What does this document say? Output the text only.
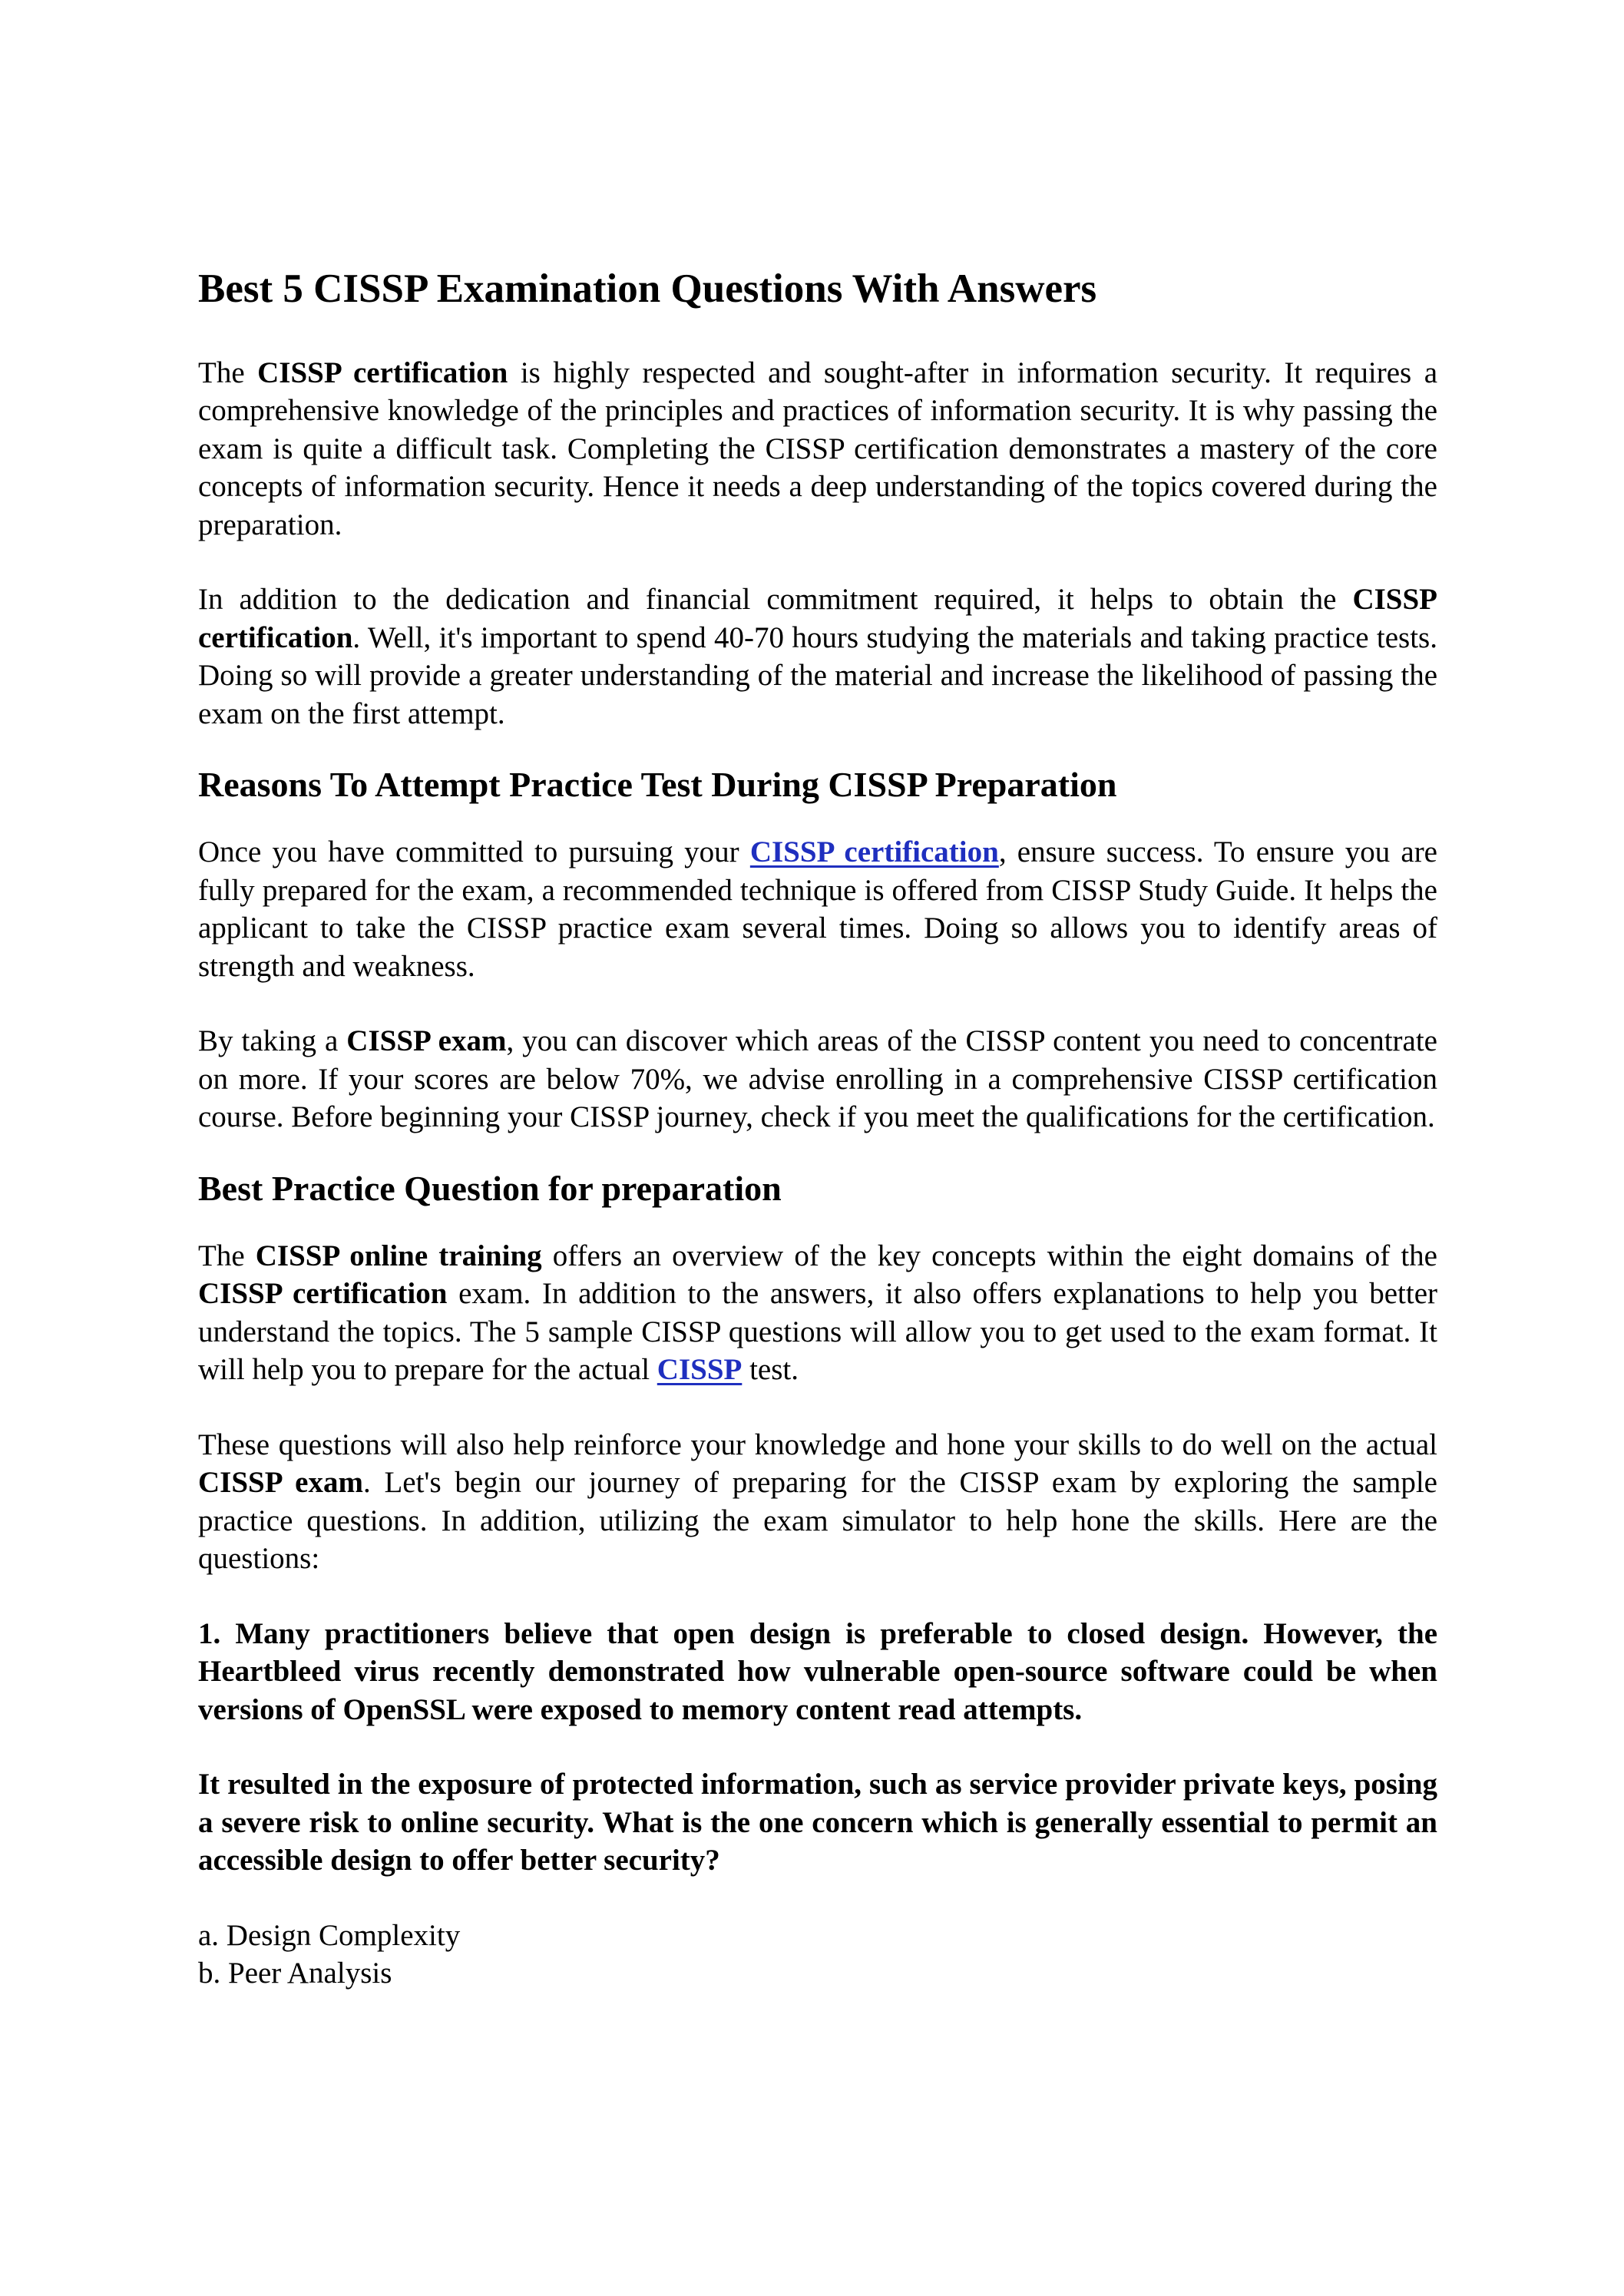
Best 5 CISSP Examination Questions With Answers

The CISSP certification is highly respected and sought-after in information security. It requires a comprehensive knowledge of the principles and practices of information security. It is why passing the exam is quite a difficult task. Completing the CISSP certification demonstrates a mastery of the core concepts of information security. Hence it needs a deep understanding of the topics covered during the preparation.

In addition to the dedication and financial commitment required, it helps to obtain the CISSP certification. Well, it's important to spend 40-70 hours studying the materials and taking practice tests. Doing so will provide a greater understanding of the material and increase the likelihood of passing the exam on the first attempt.

Reasons To Attempt Practice Test During CISSP Preparation

Once you have committed to pursuing your CISSP certification, ensure success. To ensure you are fully prepared for the exam, a recommended technique is offered from CISSP Study Guide. It helps the applicant to take the CISSP practice exam several times. Doing so allows you to identify areas of strength and weakness.

By taking a CISSP exam, you can discover which areas of the CISSP content you need to concentrate on more. If your scores are below 70%, we advise enrolling in a comprehensive CISSP certification course. Before beginning your CISSP journey, check if you meet the qualifications for the certification.

Best Practice Question for preparation

The CISSP online training offers an overview of the key concepts within the eight domains of the CISSP certification exam. In addition to the answers, it also offers explanations to help you better understand the topics. The 5 sample CISSP questions will allow you to get used to the exam format. It will help you to prepare for the actual CISSP test.

These questions will also help reinforce your knowledge and hone your skills to do well on the actual CISSP exam. Let's begin our journey of preparing for the CISSP exam by exploring the sample practice questions. In addition, utilizing the exam simulator to help hone the skills. Here are the questions:

1. Many practitioners believe that open design is preferable to closed design. However, the Heartbleed virus recently demonstrated how vulnerable open-source software could be when versions of OpenSSL were exposed to memory content read attempts.

It resulted in the exposure of protected information, such as service provider private keys, posing a severe risk to online security. What is the one concern which is generally essential to permit an accessible design to offer better security?

a. Design Complexity
b. Peer Analysis
